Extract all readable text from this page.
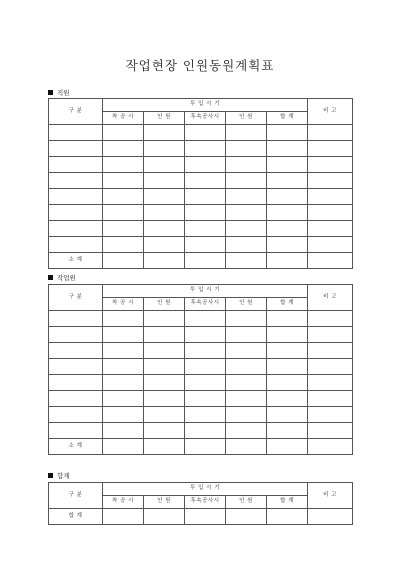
작업현장 인원동원계획표
직원
구 분	투 입 시 기					비 고
	착 공 시	인 원	후속공사시	인 원	합 계	

소 계						
작업원
구 분	투 입 시 기					비 고
	착 공 시	인 원	후속공사시	인 원	합 계	

소 계						
합계
구 분	투 입 시 기					비 고
	착 공 시	인 원	후속공사시	인 원	합 계	
합 계						
